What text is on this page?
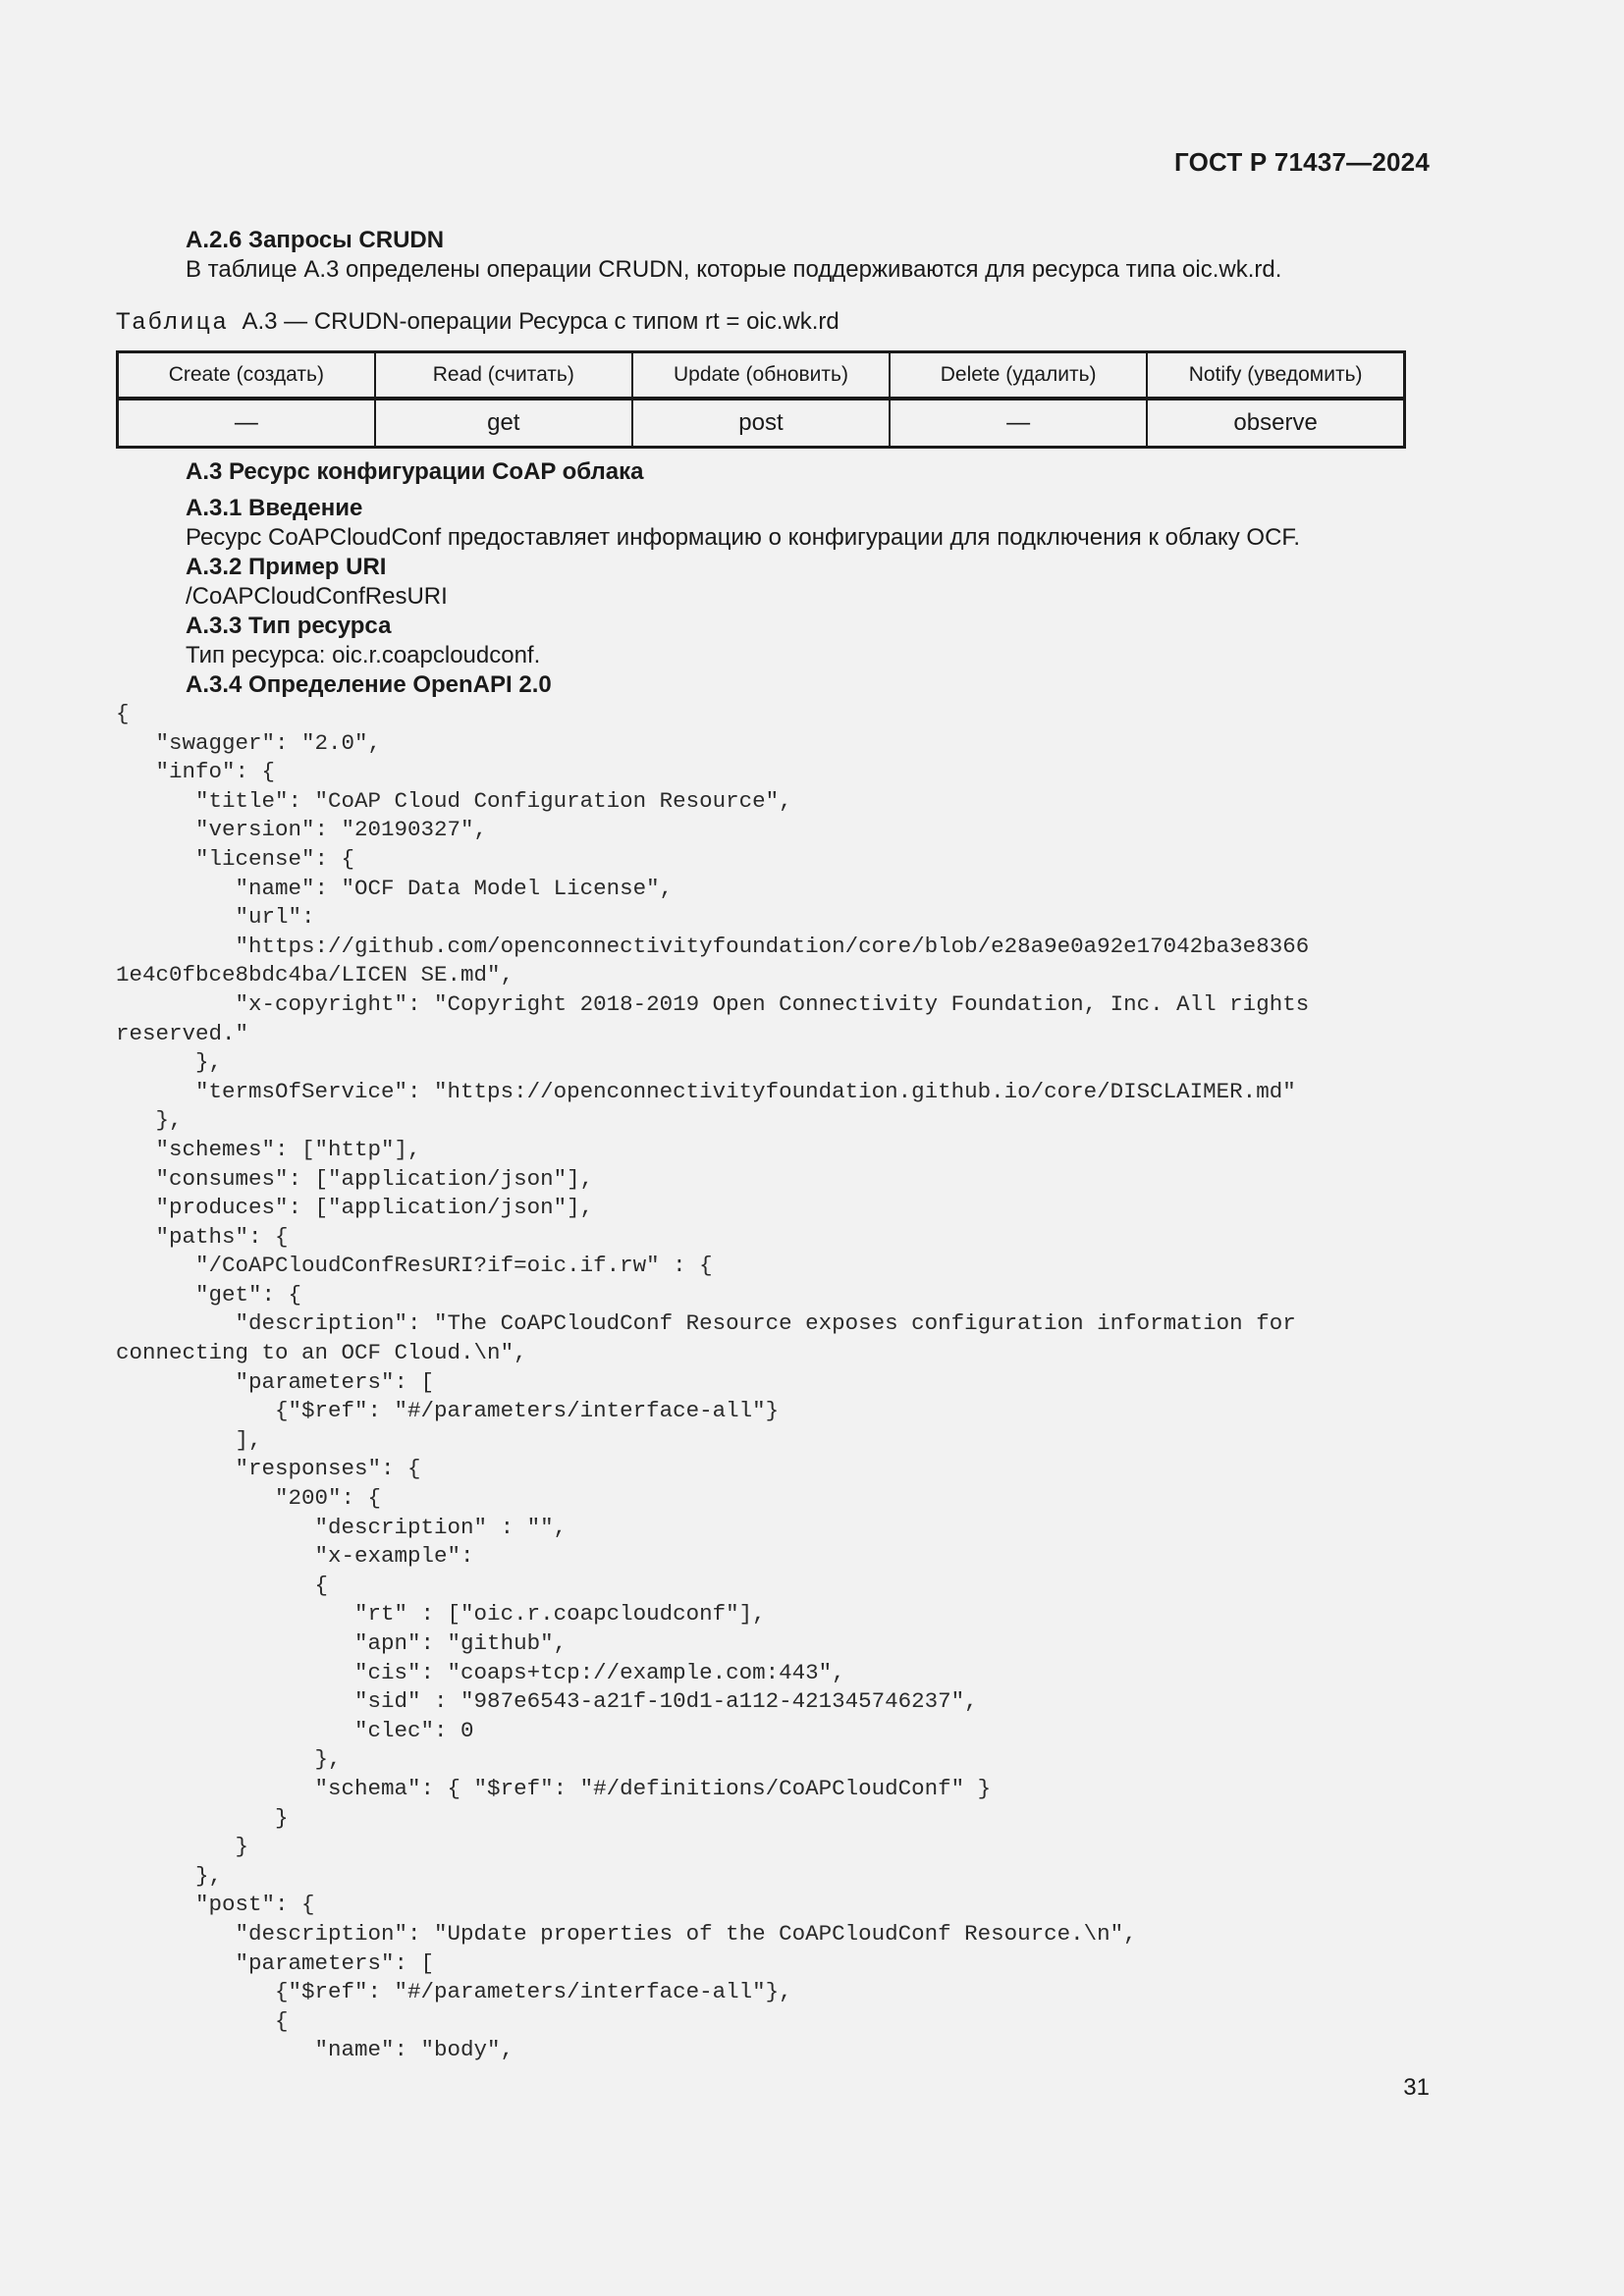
ГОСТ Р 71437—2024
А.2.6 Запросы CRUDN
В таблице А.3 определены операции CRUDN, которые поддерживаются для ресурса типа oic.wk.rd.
Таблица А.3 — CRUDN-операции Ресурса с типом rt = oic.wk.rd
Create (создать)	Read (считать)	Update (обновить)	Delete (удалить)	Notify (уведомить)
—	get	post	—	observe
А.3 Ресурс конфигурации CoAP облака
А.3.1 Введение
Ресурс CoAPCloudConf предоставляет информацию о конфигурации для подключения к облаку OCF.
А.3.2 Пример URI
/CoAPCloudConfResURI
А.3.3 Тип ресурса
Тип ресурса: oic.r.coapcloudconf.
А.3.4 Определение OpenAPI 2.0
{
"swagger": "2.0",
"info": {
"title": "CoAP Cloud Configuration Resource",
"version": "20190327",
"license": {
"name": "OCF Data Model License",
"url":
"https://github.com/openconnectivityfoundation/core/blob/e28a9e0a92e17042ba3e8366
1e4c0fbce8bdc4ba/LICEN SE.md",
"x-copyright": "Copyright 2018-2019 Open Connectivity Foundation, Inc. All rights
reserved."
},
"termsOfService": "https://openconnectivityfoundation.github.io/core/DISCLAIMER.md"
},
"schemes": ["http"],
"consumes": ["application/json"],
"produces": ["application/json"],
"paths": {
"/CoAPCloudConfResURI?if=oic.if.rw" : {
"get": {
"description": "The CoAPCloudConf Resource exposes configuration information for
connecting to an OCF Cloud.\n",
"parameters": [
{"$ref": "#/parameters/interface-all"}
],
"responses": {
"200": {
"description" : "",
"x-example":
{
"rt" : ["oic.r.coapcloudconf"],
"apn": "github",
"cis": "coaps+tcp://example.com:443",
"sid" : "987e6543-a21f-10d1-a112-421345746237",
"clec": 0
},
"schema": { "$ref": "#/definitions/CoAPCloudConf" }
}
}
},
"post": {
"description": "Update properties of the CoAPCloudConf Resource.\n",
"parameters": [
{"$ref": "#/parameters/interface-all"},
{
"name": "body",
31
